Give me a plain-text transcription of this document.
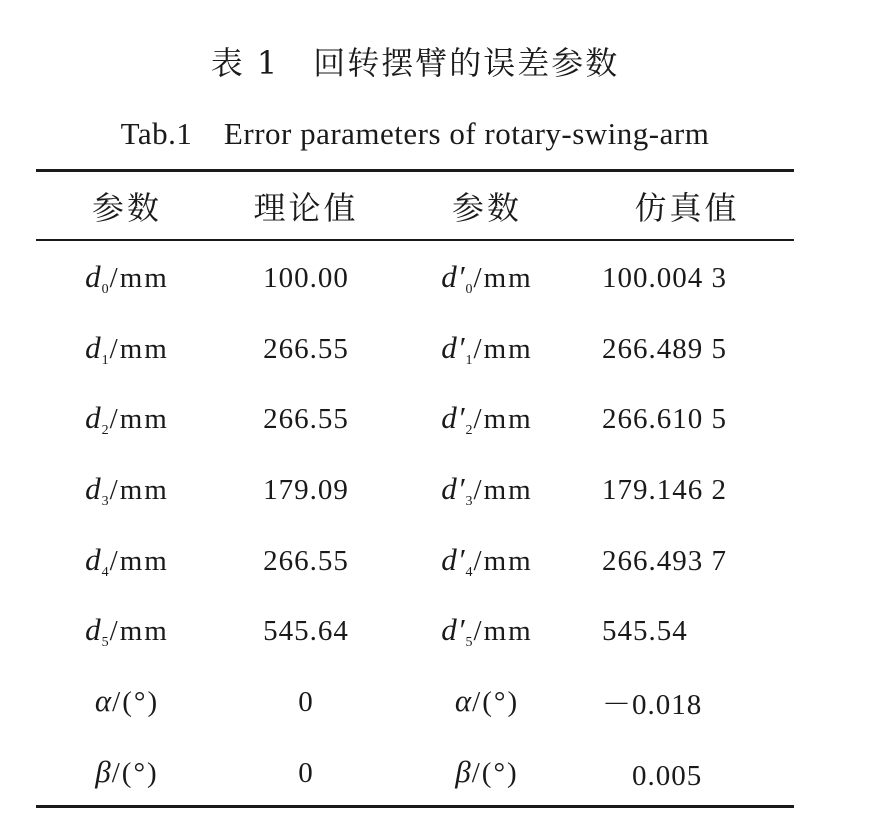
表 1　回转摆臂的误差参数
Tab.1　Error parameters of rotary-swing-arm
参数	理论值	参数	仿真值
$d_0/mm$	100.00	$d'_0/mm$	100.004 3
$d_1/mm$	266.55	$d'_1/mm$	266.489 5
$d_2/mm$	266.55	$d'_2/mm$	266.610 5
$d_3/mm$	179.09	$d'_3/mm$	179.146 2
$d_4/mm$	266.55	$d'_4/mm$	266.493 7
$d_5/mm$	545.64	$d'_5/mm$	545.54
α/(°)	0	α/(°)	－0.018
β/(°)	0	β/(°)	　0.005
